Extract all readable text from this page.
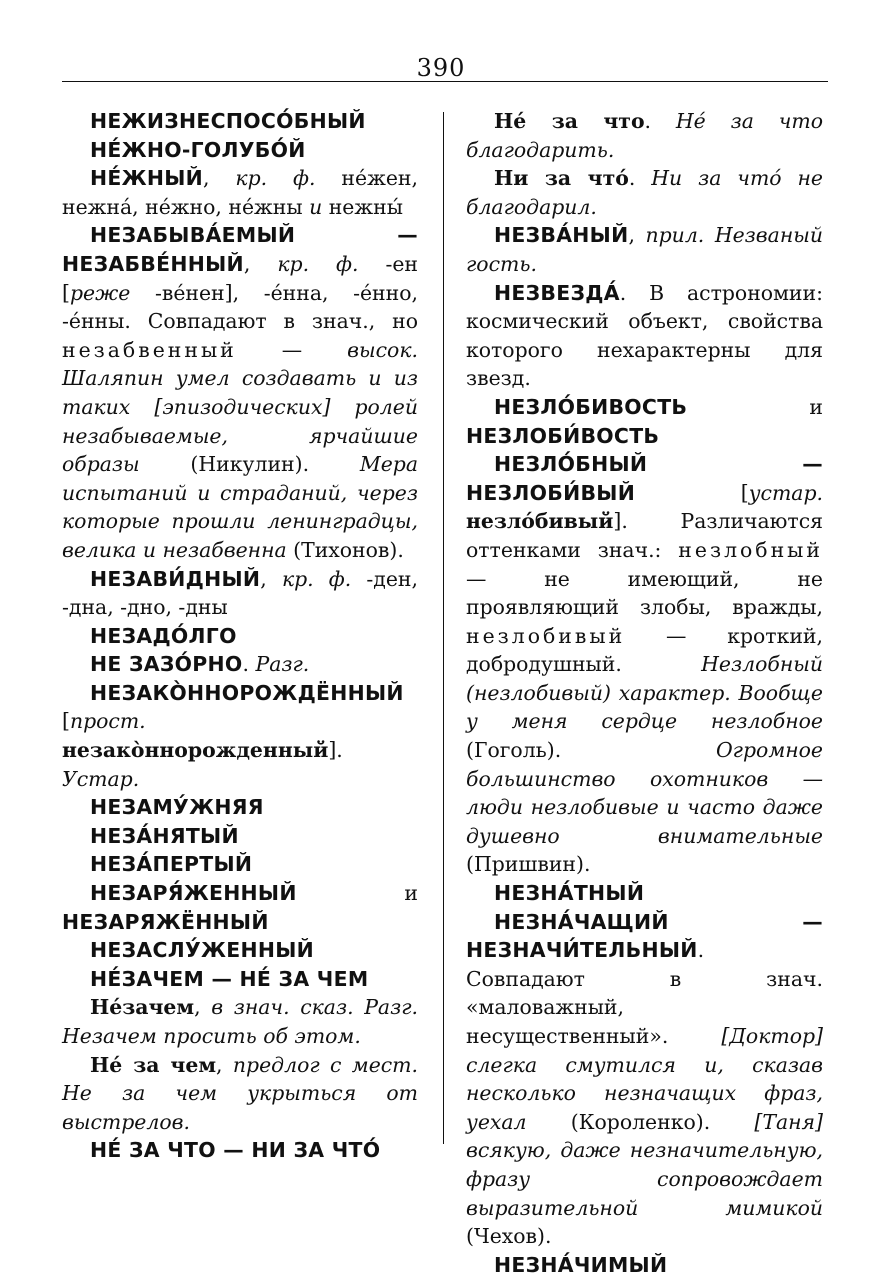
390

НЕЖИЗНЕСПОСО́БНЫЙ

НЕ́ЖНО-ГОЛУБО́Й

НЕ́ЖНЫЙ, кр. ф. не́жен, нежна́, не́жно, не́жны и нежны́

НЕЗАБЫВА́ЕМЫЙ — НЕЗАБВЕ́ННЫЙ, кр. ф. -ен [реже -ве́нен], -е́нна, -е́нно, -е́нны. Совпадают в знач., но незабвенный — высок. Шаляпин умел создавать и из таких [эпизодических] ролей незабываемые, ярчайшие образы (Никулин). Мера испытаний и страданий, через которые прошли ленинградцы, велика и незабвенна (Тихонов).

НЕЗАВИ́ДНЫЙ, кр. ф. -ден, -дна, -дно, -дны

НЕЗАДО́ЛГО

НЕ ЗАЗО́РНО. Разг.

НЕЗАКО̀ННОРОЖДЁННЫЙ [прост. незако̀ннорожденный]. Устар.

НЕЗАМУ́ЖНЯЯ

НЕЗА́НЯТЫЙ

НЕЗА́ПЕРТЫЙ

НЕЗАРЯ́ЖЕННЫЙ и НЕЗАРЯЖЁННЫЙ

НЕЗАСЛУ́ЖЕННЫЙ

НЕ́ЗАЧЕМ — НЕ́ ЗА ЧЕМ

Не́зачем, в знач. сказ. Разг. Незачем просить об этом.

Не́ за чем, предлог с мест. Не за чем укрыться от выстрелов.

НЕ́ ЗА ЧТО — НИ ЗА ЧТО́

Не́ за что. Не́ за что благодарить.

Ни за что́. Ни за что́ не благодарил.

НЕЗВА́НЫЙ, прил. Незваный гость.

НЕЗВЕЗДА́. В астрономии: космический объект, свойства которого нехарактерны для звезд.

НЕЗЛО́БИВОСТЬ и НЕЗЛОБИ́ВОСТЬ

НЕЗЛО́БНЫЙ — НЕЗЛОБИ́ВЫЙ [устар. незло́бивый]. Различаются оттенками знач.: незлобный — не имеющий, не проявляющий злобы, вражды, незлобивый — кроткий, добродушный. Незлобный (незлобивый) характер. Вообще у меня сердце незлобное (Гоголь). Огромное большинство охотников — люди незлобивые и часто даже душевно внимательные (Пришвин).

НЕЗНА́ТНЫЙ

НЕЗНА́ЧАЩИЙ — НЕЗНАЧИ́ТЕЛЬНЫЙ. Совпадают в знач. «маловажный, несущественный». [Доктор] слегка смутился и, сказав несколько незначащих фраз, уехал (Короленко). [Таня] всякую, даже незначительную, фразу сопровождает выразительной мимикой (Чехов).

НЕЗНА́ЧИМЫЙ
